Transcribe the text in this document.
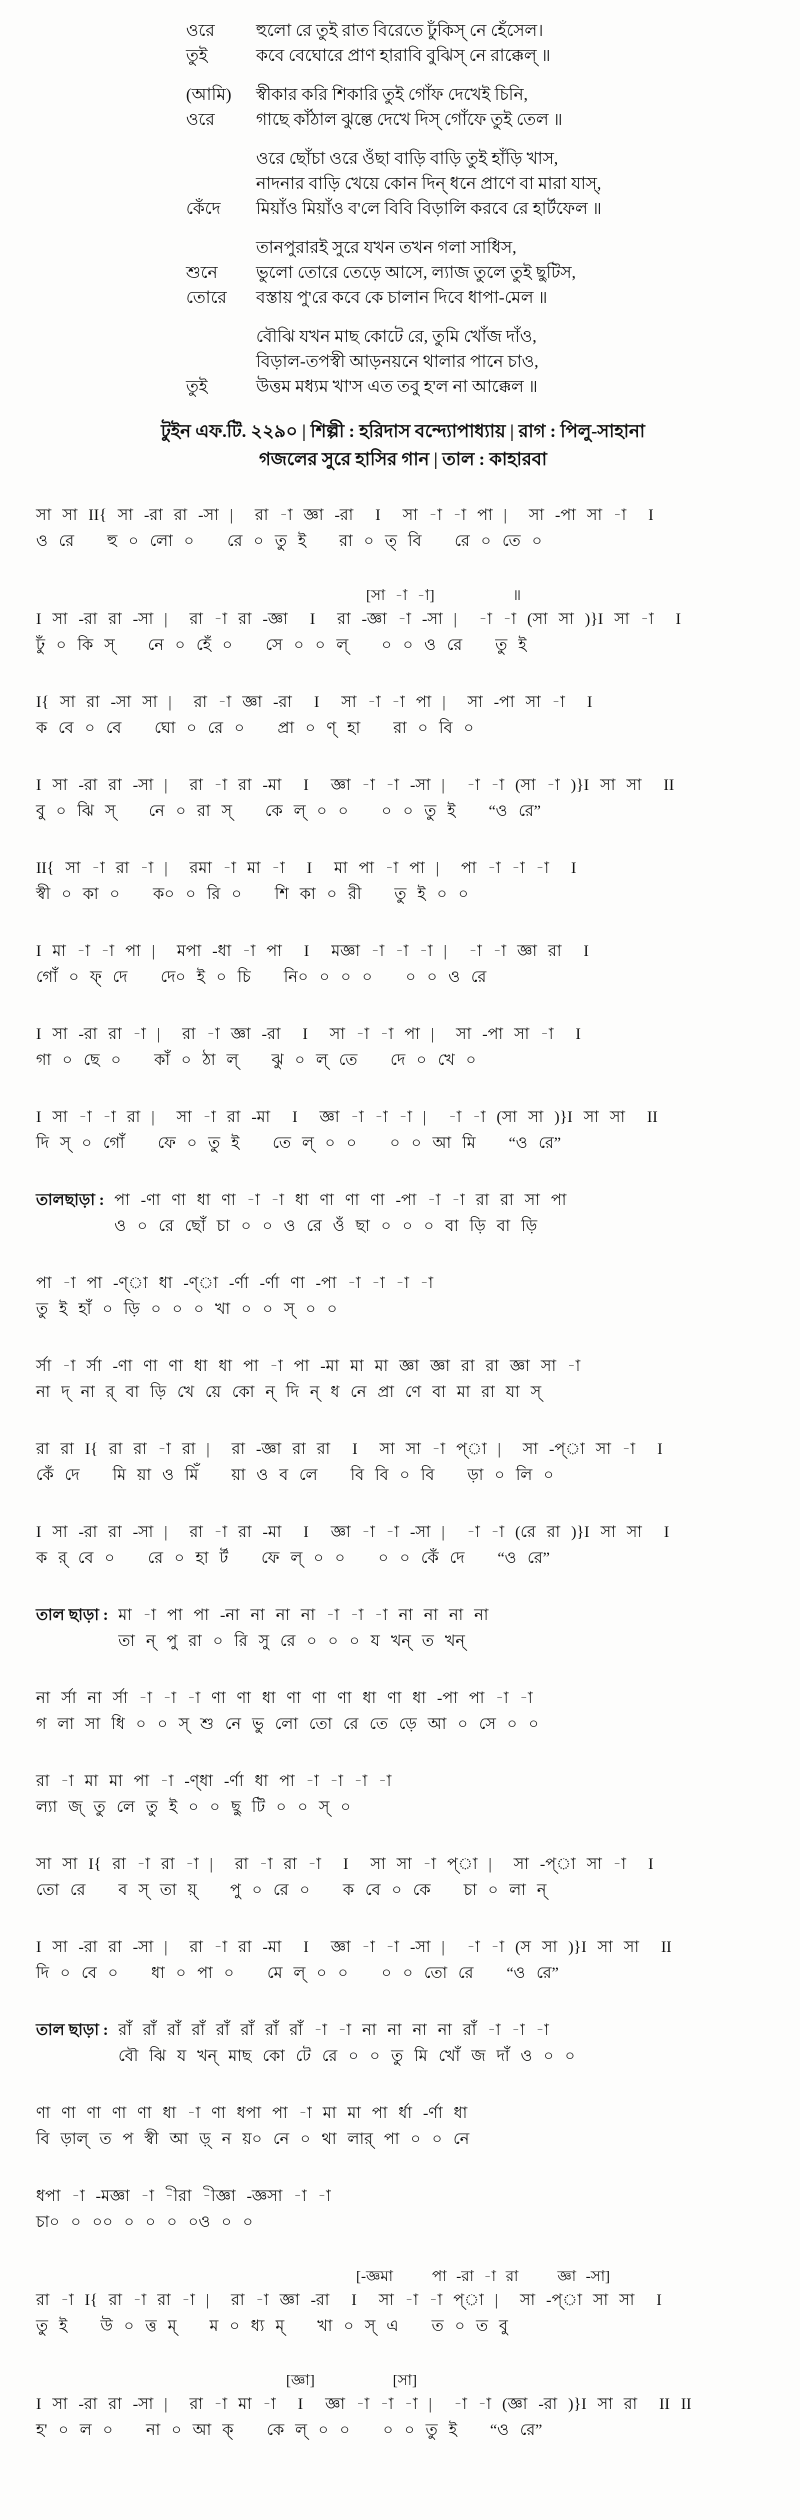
ওরে	হুলো রে তুই রাত বিরেতে ঢুঁকিস্ নে হেঁসেল।
তুই	কবে বেঘোরে প্রাণ হারাবি বুঝিস্ নে রাক্কেল্ ॥
(আমি)	স্বীকার করি শিকারি তুই গোঁফ দেখেই চিনি,
ওরে	গাছে কাঁঠাল ঝুল্তে দেখে দিস্ গোঁফে তুই তেল ॥
ওরে ছোঁচা ওরে ওঁছা বাড়ি বাড়ি তুই হাঁড়ি খাস,
নাদনার বাড়ি খেয়ে কোন দিন্ ধনে প্রাণে বা মারা যাস্,
কেঁদে	মিয়াঁও মিয়াঁও ব'লে বিবি বিড়ালি করবে রে হার্টফেল ॥
তানপুরারই সুরে যখন তখন গলা সাধিস,
শুনে	ভুলো তোরে তেড়ে আসে, ল্যাজ তুলে তুই ছুটিস,
তোরে	বস্তায় পু'রে কবে কে চালান দিবে ধাপা-মেল ॥
বৌঝি যখন মাছ কোটে রে, তুমি খোঁজ দাঁও,
বিড়াল-তপস্বী আড়নয়নে থালার পানে চাও,
তুই	উত্তম মধ্যম খা'স এত তবু হ'ল না আক্কেল ॥
টুইন এফ.টি. ২২৯০ | শিল্পী : হরিদাস বন্দ্যোপাধ্যায় | রাগ : পিলু-সাহানা
গজলের সুরে হাসির গান | তাল : কাহারবা
সা সা II{ সা -রা রা -সা |  রা -া জ্ঞা -রা  I  সা -া -া পা |  সা -পা সা -া  I
ও রে   হু ০ লো ০   রে ০ তু ই   রা ০ ত্ বি   রে ০ তে ০
[সা -া -া]        ॥
I সা -রা রা -সা |  রা -া রা -জ্ঞা  I  রা -জ্ঞা -া -সা |  -া -া (সা সা )}I সা -া  I
ঢুঁ ০ কি স্   নে ০ হেঁ ০   সে ০ ০ ল্   ০ ০ ও রে   তু ই
I{ সা রা -সা সা |  রা -া জ্ঞা -রা  I  সা -া -া পা |  সা -পা সা -া  I
ক বে ০ বে   ঘো ০ রে ০   প্রা ০ ণ্ হা   রা ০ বি ০
I সা -রা রা -সা |  রা -া রা -মা  I  জ্ঞা -া -া -সা |  -া -া (সা -া )}I সা সা  II
বু ০ ঝি স্   নে ০ রা স্   কে ল্ ০ ০   ০ ০ তু ই   “ও রে”
II{ সা -া রা -া |  রমা -া মা -া  I  মা পা -া পা |  পা -া -া -া  I
স্বী ০ কা ০   ক০ ০ রি ০   শি কা ০ রী   তু ই ০ ০
I মা -া -া পা |  মপা -ধা -া পা  I  মজ্ঞা -া -া -া |  -া -া জ্ঞা রা  I
গোঁ ০ ফ্ দে   দে০ ই ০ চি   নি০ ০ ০ ০   ০ ০ ও রে
I সা -রা রা -া |  রা -া জ্ঞা -রা  I  সা -া -া পা |  সা -পা সা -া  I
গা ০ ছে ০   কাঁ ০ ঠা ল্   ঝু ০ ল্ তে   দে ০ খে ০
I সা -া -া রা |  সা -া রা -মা  I  জ্ঞা -া -া -া |  -া -া (সা সা )}I সা সা  II
দি স্ ০ গোঁ   ফে ০ তু ই   তে ল্ ০ ০   ০ ০ আ মি   “ও রে”
তালছাড়া : পা -ণা ণা ধা ণা -া -া ধা ণা ণা ণা -পা -া -া রা রা সা পা
ও ০ রে ছোঁ চা ০ ০ ও রে ওঁ ছা ০ ০ ০ বা ড়ি বা ড়ি
পা -া পা -ণ্া ধা -ণ্া -র্ণা -র্ণা ণা -পা -া -া -া -া
তু ই হাঁ ০ ড়ি ০ ০ ০ খা ০ ০ স্ ০ ০
র্সা -া র্সা -ণা ণা ণা ধা ধা পা -া পা -মা মা মা জ্ঞা জ্ঞা রা রা জ্ঞা সা -া
না দ্ না র্ বা ড়ি খে য়ে কো ন্ দি ন্ ধ নে প্রা ণে বা মা রা যা স্
রা রা I{ রা রা -া রা |  রা -জ্ঞা রা রা  I  সা সা -া প্া |  সা -প্া সা -া  I
কেঁ দে   মি য়া ও মিঁ   য়া ও ব লে   বি বি ০ বি   ড়া ০ লি ০
I সা -রা রা -সা |  রা -া রা -মা  I  জ্ঞা -া -া -সা |  -া -া (রে রা )}I সা সা  I
ক র্ বে ০   রে ০ হা র্ট   ফে ল্ ০ ০   ০ ০ কেঁ দে   “ও রে”
তাল ছাড়া : মা -া পা পা -না না না না -া -া -া না না না না
তা ন্ পু রা ০ রি সু রে ০ ০ ০ য খন্ ত খন্
না র্সা না র্সা -া -া -া ণা ণা ধা ণা ণা ণা ধা ণা ধা -পা পা -া -া
গ লা সা ধি ০ ০ স্ শু নে ভু লো তো রে তে ড়ে আ ০ সে ০ ০
রা -া মা মা পা -া -ণ্ধা -র্ণা ধা পা -া -া -া -া
ল্যা জ্ তু লে তু ই ০ ০ ছু টি ০ ০ স্ ০
সা সা I{ রা -া রা -া |  রা -া রা -া  I  সা সা -া প্া |  সা -প্া সা -া  I
তো রে   ব স্ তা য়্   পু ০ রে ০   ক বে ০ কে   চা ০ লা ন্
I সা -রা রা -সা |  রা -া রা -মা  I  জ্ঞা -া -া -সা |  -া -া (স সা )}I সা সা  II
দি ০ বে ০   ধা ০ পা ০   মে ল্ ০ ০   ০ ০ তো রে   “ও রে”
তাল ছাড়া : রাঁ রাঁ রাঁ রাঁ রাঁ রাঁ রাঁ রাঁ -া -া না না না না রাঁ -া -া -া
বৌ ঝি য খন্ মাছ কো টে রে ০ ০ তু মি খোঁ জ দাঁ ও ০ ০
ণা ণা ণা ণা ণা ধা -া ণা ধপা পা -া মা মা পা র্ধা -র্ণা ধা
বি ড়াল্ ত প স্বী আ ড়্ ন য়০ নে ০ থা লার্ পা ০ ০ নে
ধপা -া -মজ্ঞা -া -ীরা -ীজ্ঞা -জ্ঞসা -া -া
চা০ ০ ০০ ০ ০ ০ ০ও ০ ০
[-জ্ঞমা    পা -রা -া রা    জ্ঞা -সা]
রা -া I{ রা -া রা -া |  রা -া জ্ঞা -রা  I  সা -া -া প্া |  সা -প্া সা সা  I
তু ই   উ ০ ত্ত ম্   ম ০ ধ্য ম্   খা ০ স্ এ   ত ০ ত বু
[জ্ঞা]        [সা]
I সা -রা রা -সা |  রা -া মা -া  I  জ্ঞা -া -া -া |  -া -া (জ্ঞা -রা )}I সা রা  II II
হ' ০ ল ০   না ০ আ ক্   কে ল্ ০ ০   ০ ০ তু ই   “ও রে”
